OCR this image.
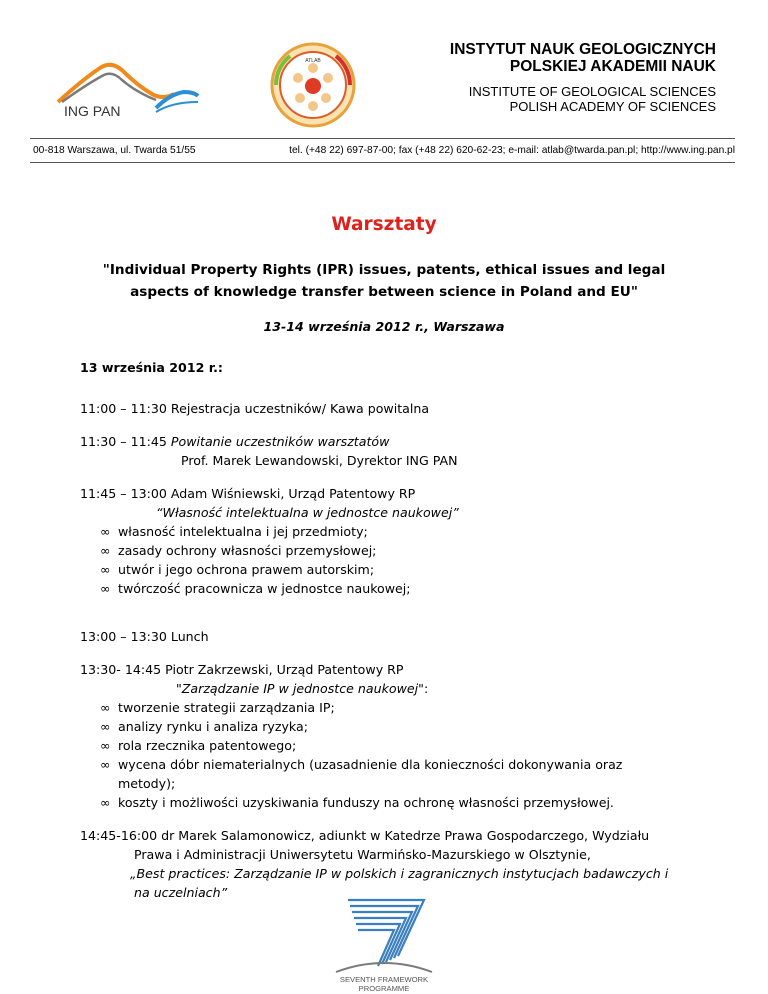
ING PAN
ATLAB
INSTYTUT NAUK GEOLOGICZNYCH
POLSKIEJ AKADEMII NAUK
INSTITUTE OF GEOLOGICAL SCIENCES
POLISH ACADEMY OF SCIENCES
00-818 Warszawa, ul. Twarda 51/55	tel. (+48 22) 697-87-00; fax (+48 22) 620-62-23; e-mail: atlab@twarda.pan.pl; http://www.ing.pan.pl
Warsztaty
"Individual Property Rights (IPR) issues, patents, ethical issues and legal
aspects of knowledge transfer between science in Poland and EU"
13-14 września 2012 r., Warszawa
13 września 2012 r.:
11:00 – 11:30 Rejestracja uczestników/ Kawa powitalna
11:30 – 11:45 Powitanie uczestników warsztatów
Prof. Marek Lewandowski, Dyrektor ING PAN
11:45 – 13:00 Adam Wiśniewski, Urząd Patentowy RP
“Własność intelektualna w jednostce naukowej”
∞ własność intelektualna i jej przedmioty;
∞ zasady ochrony własności przemysłowej;
∞ utwór i jego ochrona prawem autorskim;
∞ twórczość pracownicza w jednostce naukowej;
13:00 – 13:30 Lunch
13:30- 14:45 Piotr Zakrzewski, Urząd Patentowy RP
"Zarządzanie IP w jednostce naukowej":
∞ tworzenie strategii zarządzania IP;
∞ analizy rynku i analiza ryzyka;
∞ rola rzecznika patentowego;
∞ wycena dóbr niematerialnych (uzasadnienie dla konieczności dokonywania oraz
metody);
∞ koszty i możliwości uzyskiwania funduszy na ochronę własności przemysłowej.
14:45-16:00 dr Marek Salamonowicz, adiunkt w Katedrze Prawa Gospodarczego, Wydziału
Prawa i Administracji Uniwersytetu Warmińsko-Mazurskiego w Olsztynie,
„Best practices: Zarządzanie IP w polskich i zagranicznych instytucjach badawczych i
na uczelniach”
SEVENTH FRAMEWORK
PROGRAMME
